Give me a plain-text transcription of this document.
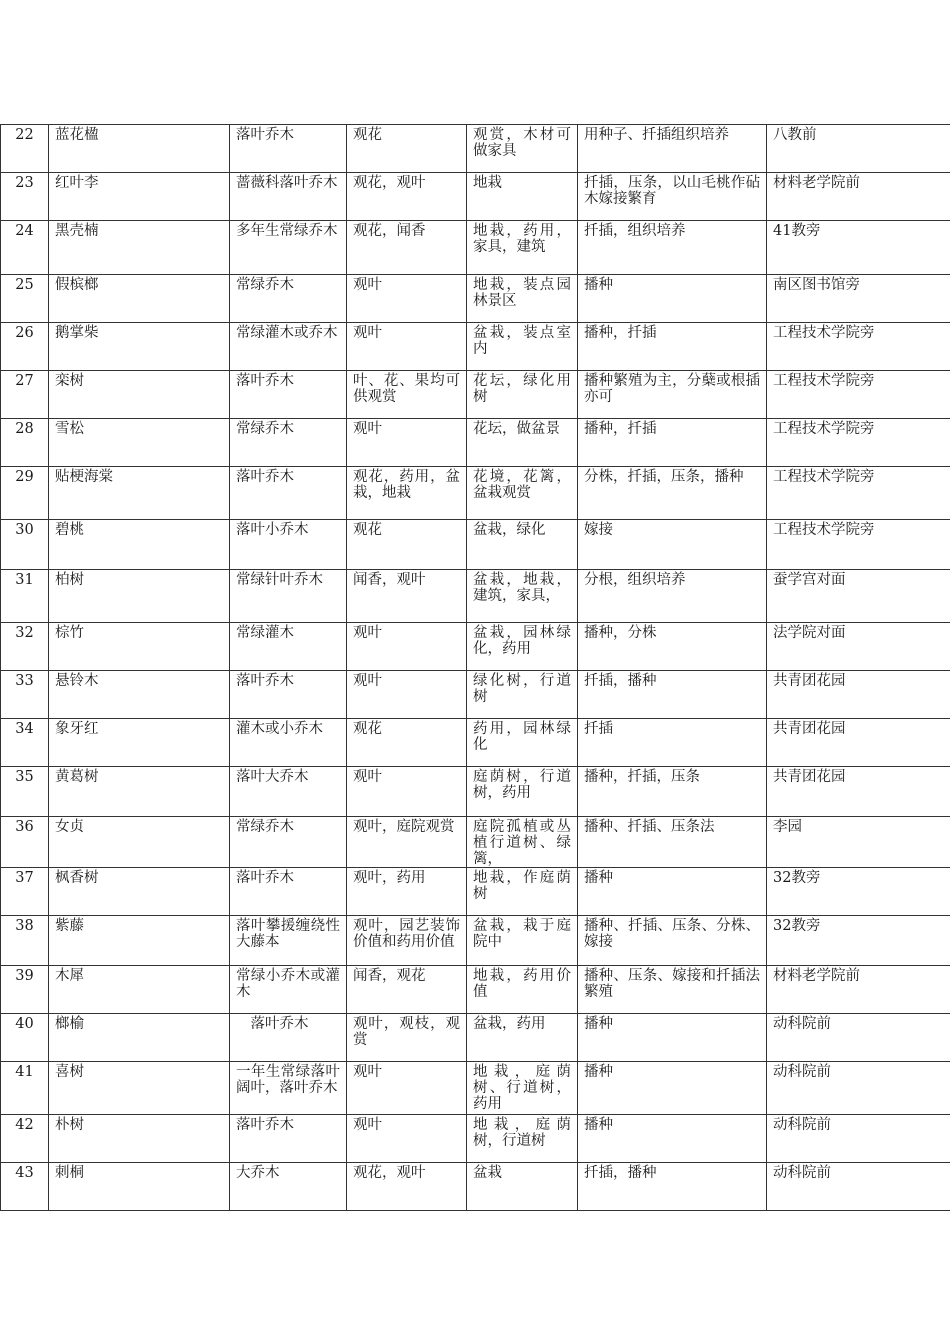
22	蓝花楹	落叶乔木	观花	观赏，木材可做家具	用种子、扦插组织培养	八教前
23	红叶李	蔷薇科落叶乔木	观花，观叶	地栽	扦插，压条，以山毛桃作砧木嫁接繁育	材料老学院前
24	黑壳楠	多年生常绿乔木	观花，闻香	地栽，药用，家具，建筑	扦插，组织培养	41教旁
25	假槟榔	常绿乔木	观叶	地栽，装点园林景区	播种	南区图书馆旁
26	鹅掌柴	常绿灌木或乔木	观叶	盆栽，装点室内	播种，扦插	工程技术学院旁
27	栾树	落叶乔木	叶、花、果均可供观赏	花坛，绿化用树	播种繁殖为主，分蘖或根插亦可	工程技术学院旁
28	雪松	常绿乔木	观叶	花坛，做盆景	播种，扦插	工程技术学院旁
29	贴梗海棠	落叶乔木	观花，药用，盆栽，地栽	花境，花篱，盆栽观赏	分株，扦插，压条，播种	工程技术学院旁
30	碧桃	落叶小乔木	观花	盆栽，绿化	嫁接	工程技术学院旁
31	柏树	常绿针叶乔木	闻香，观叶	盆栽，地栽，建筑，家具，	分根，组织培养	蚕学宫对面
32	棕竹	常绿灌木	观叶	盆栽，园林绿化，药用	播种，分株	法学院对面
33	悬铃木	落叶乔木	观叶	绿化树，行道树	扦插，播种	共青团花园
34	象牙红	灌木或小乔木	观花	药用，园林绿化	扦插	共青团花园
35	黄葛树	落叶大乔木	观叶	庭荫树，行道树，药用	播种，扦插，压条	共青团花园
36	女贞	常绿乔木	观叶，庭院观赏	庭院孤植或丛植行道树、绿篱，	播种、扦插、压条法	李园
37	枫香树	落叶乔木	观叶，药用	地栽，作庭荫树	播种	32教旁
38	紫藤	落叶攀援缠绕性大藤本	观叶，园艺装饰价值和药用价值	盆栽，栽于庭院中	播种、扦插、压条、分株、嫁接	32教旁
39	木犀	常绿小乔木或灌木	闻香，观花	地栽，药用价值	播种、压条、嫁接和扦插法繁殖	材料老学院前
40	榔榆	　落叶乔木	观叶，观枝，观赏	盆栽，药用	播种	动科院前
41	喜树	一年生常绿落叶阔叶，落叶乔木	观叶	地栽，庭荫树、行道树，药用	播种	动科院前
42	朴树	落叶乔木	观叶	地栽，庭荫树，行道树	播种	动科院前
43	刺桐	大乔木	观花，观叶	盆栽	扦插，播种	动科院前
